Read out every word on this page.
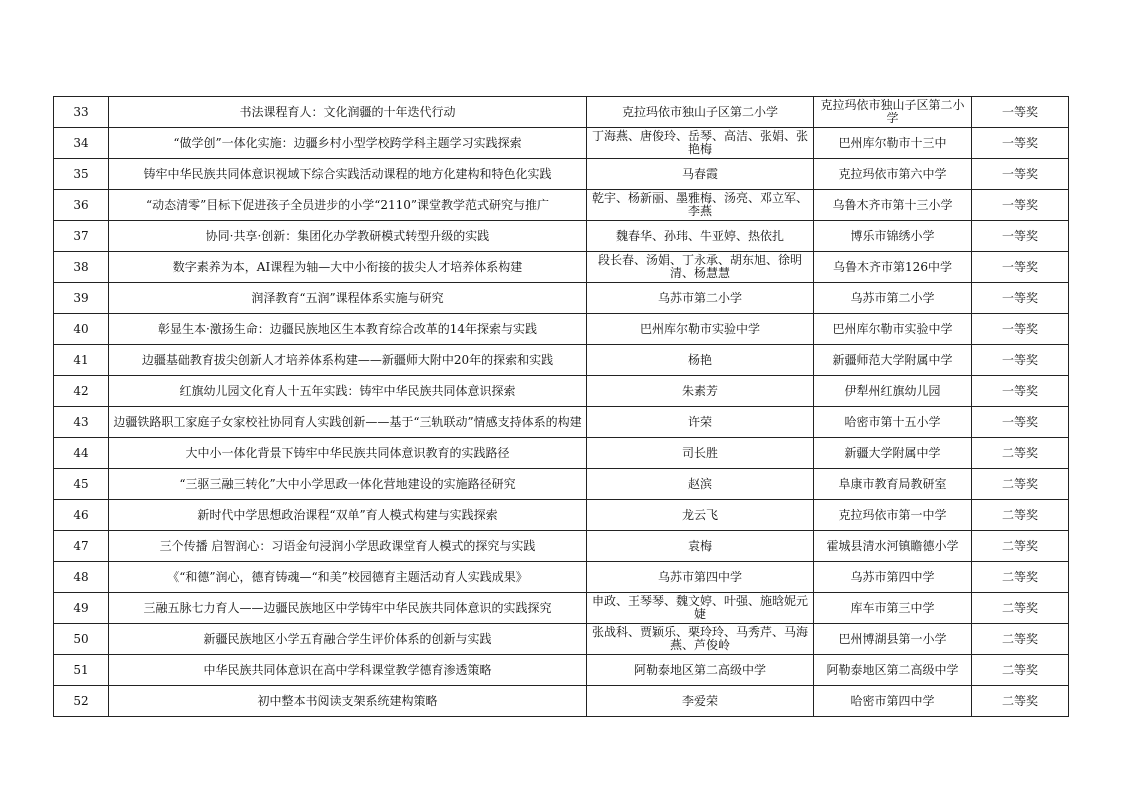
33	书法课程育人：文化润疆的十年迭代行动	克拉玛依市独山子区第二小学	克拉玛依市独山子区第二小学	一等奖
34	“做学创”一体化实施：边疆乡村小型学校跨学科主题学习实践探索	丁海燕、唐俊玲、岳琴、高洁、张娟、张艳梅	巴州库尔勒市十三中	一等奖
35	铸牢中华民族共同体意识视域下综合实践活动课程的地方化建构和特色化实践	马春霞	克拉玛依市第六中学	一等奖
36	“动态清零”目标下促进孩子全员进步的小学“2110”课堂教学范式研究与推广	乾宇、杨新丽、墨雅梅、汤亮、邓立军、李燕	乌鲁木齐市第十三小学	一等奖
37	协同·共享·创新：集团化办学教研模式转型升级的实践	魏春华、孙玮、牛亚婷、热依扎	博乐市锦绣小学	一等奖
38	数字素养为本，AI课程为轴—大中小衔接的拔尖人才培养体系构建	段长春、汤娟、丁永承、胡东旭、徐明清、杨慧慧	乌鲁木齐市第126中学	一等奖
39	润泽教育“五润”课程体系实施与研究	乌苏市第二小学	乌苏市第二小学	一等奖
40	彰显生本·激扬生命：边疆民族地区生本教育综合改革的14年探索与实践	巴州库尔勒市实验中学	巴州库尔勒市实验中学	一等奖
41	边疆基础教育拔尖创新人才培养体系构建——新疆师大附中20年的探索和实践	杨艳	新疆师范大学附属中学	一等奖
42	红旗幼儿园文化育人十五年实践：铸牢中华民族共同体意识探索	朱素芳	伊犁州红旗幼儿园	一等奖
43	边疆铁路职工家庭子女家校社协同育人实践创新——基于“三轨联动”情感支持体系的构建	许荣	哈密市第十五小学	一等奖
44	大中小一体化背景下铸牢中华民族共同体意识教育的实践路径	司长胜	新疆大学附属中学	二等奖
45	“三驱三融三转化”大中小学思政一体化营地建设的实施路径研究	赵滨	阜康市教育局教研室	二等奖
46	新时代中学思想政治课程“双单”育人模式构建与实践探索	龙云飞	克拉玛依市第一中学	二等奖
47	三个传播 启智润心：习语金句浸润小学思政课堂育人模式的探究与实践	袁梅	霍城县清水河镇瞻德小学	二等奖
48	《“和德”润心，德育铸魂—“和美”校园德育主题活动育人实践成果》	乌苏市第四中学	乌苏市第四中学	二等奖
49	三融五脉七力育人——边疆民族地区中学铸牢中华民族共同体意识的实践探究	申政、王琴琴、魏文婷、叶强、施晗妮元婕	库车市第三中学	二等奖
50	新疆民族地区小学五育融合学生评价体系的创新与实践	张战科、贾颖乐、栗玲玲、马秀芹、马海燕、芦俊岭	巴州博湖县第一小学	二等奖
51	中华民族共同体意识在高中学科课堂教学德育渗透策略	阿勒泰地区第二高级中学	阿勒泰地区第二高级中学	二等奖
52	初中整本书阅读支架系统建构策略	李爱荣	哈密市第四中学	二等奖
